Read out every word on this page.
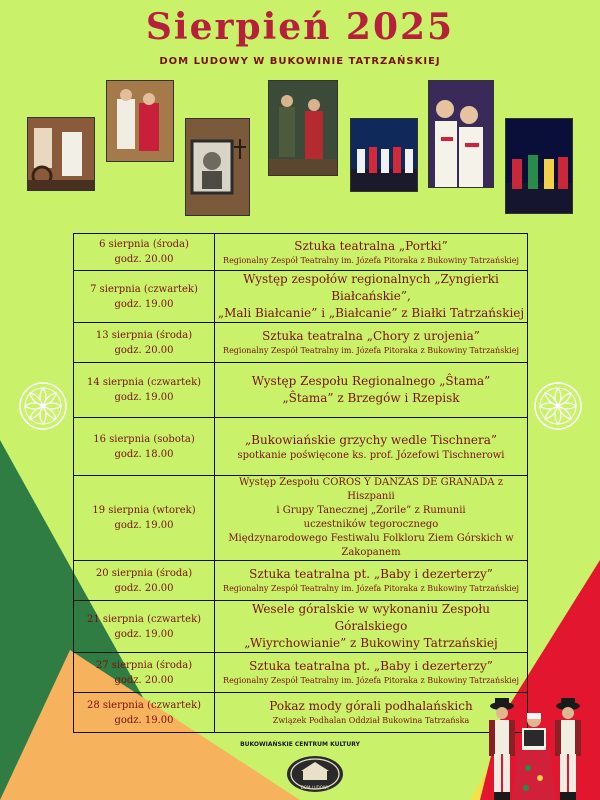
Sierpień 2025
DOM LUDOWY W BUKOWINIE TATRZAŃSKIEJ
6 sierpnia (środa)
godz. 20.00	Sztuka teatralna „Portki”
Regionalny Zespół Teatralny im. Józefa Pitoraka z Bukowiny Tatrzańskiej

7 sierpnia (czwartek)
godz. 19.00	Występ zespołów regionalnych „Zyngierki Białcańskie”,
„Mali Białcanie” i „Białcanie” z Białki Tatrzańskiej

13 sierpnia (środa)
godz. 20.00	Sztuka teatralna „Chory z urojenia”
Regionalny Zespół Teatralny im. Józefa Pitoraka z Bukowiny Tatrzańskiej

14 sierpnia (czwartek)
godz. 19.00	Występ Zespołu Regionalnego „Ŝtama”
„Ŝtama” z Brzegów i Rzepisk

16 sierpnia (sobota)
godz. 18.00	„Bukowiańskie grzychy wedle Tischnera”
spotkanie poświęcone ks. prof. Józefowi Tischnerowi

19 sierpnia (wtorek)
godz. 19.00	Występ Zespołu COROS Y DANZAS DE GRANADA z Hiszpanii
i Grupy Tanecznej „Zorile” z Rumunii
uczestników tegorocznego
Międzynarodowego Festiwalu Folkloru Ziem Górskich w Zakopanem

20 sierpnia (środa)
godz. 20.00	Sztuka teatralna pt. „Baby i dezerterzy”
Regionalny Zespół Teatralny im. Józefa Pitoraka z Bukowiny Tatrzańskiej

21 sierpnia (czwartek)
godz. 19.00	Wesele góralskie w wykonaniu Zespołu Góralskiego
„Wiyrchowianie” z Bukowiny Tatrzańskiej

27 sierpnia (środa)
godz. 20.00	Sztuka teatralna pt. „Baby i dezerterzy”
Regionalny Zespół Teatralny im. Józefa Pitoraka z Bukowiny Tatrzańskiej

28 sierpnia (czwartek)
godz. 19.00	Pokaz mody górali podhalańskich
Związek Podhalan Oddział Bukowina Tatrzańska
BUKOWIAŃSKIE CENTRUM KULTURY
DOM LUDOWY
